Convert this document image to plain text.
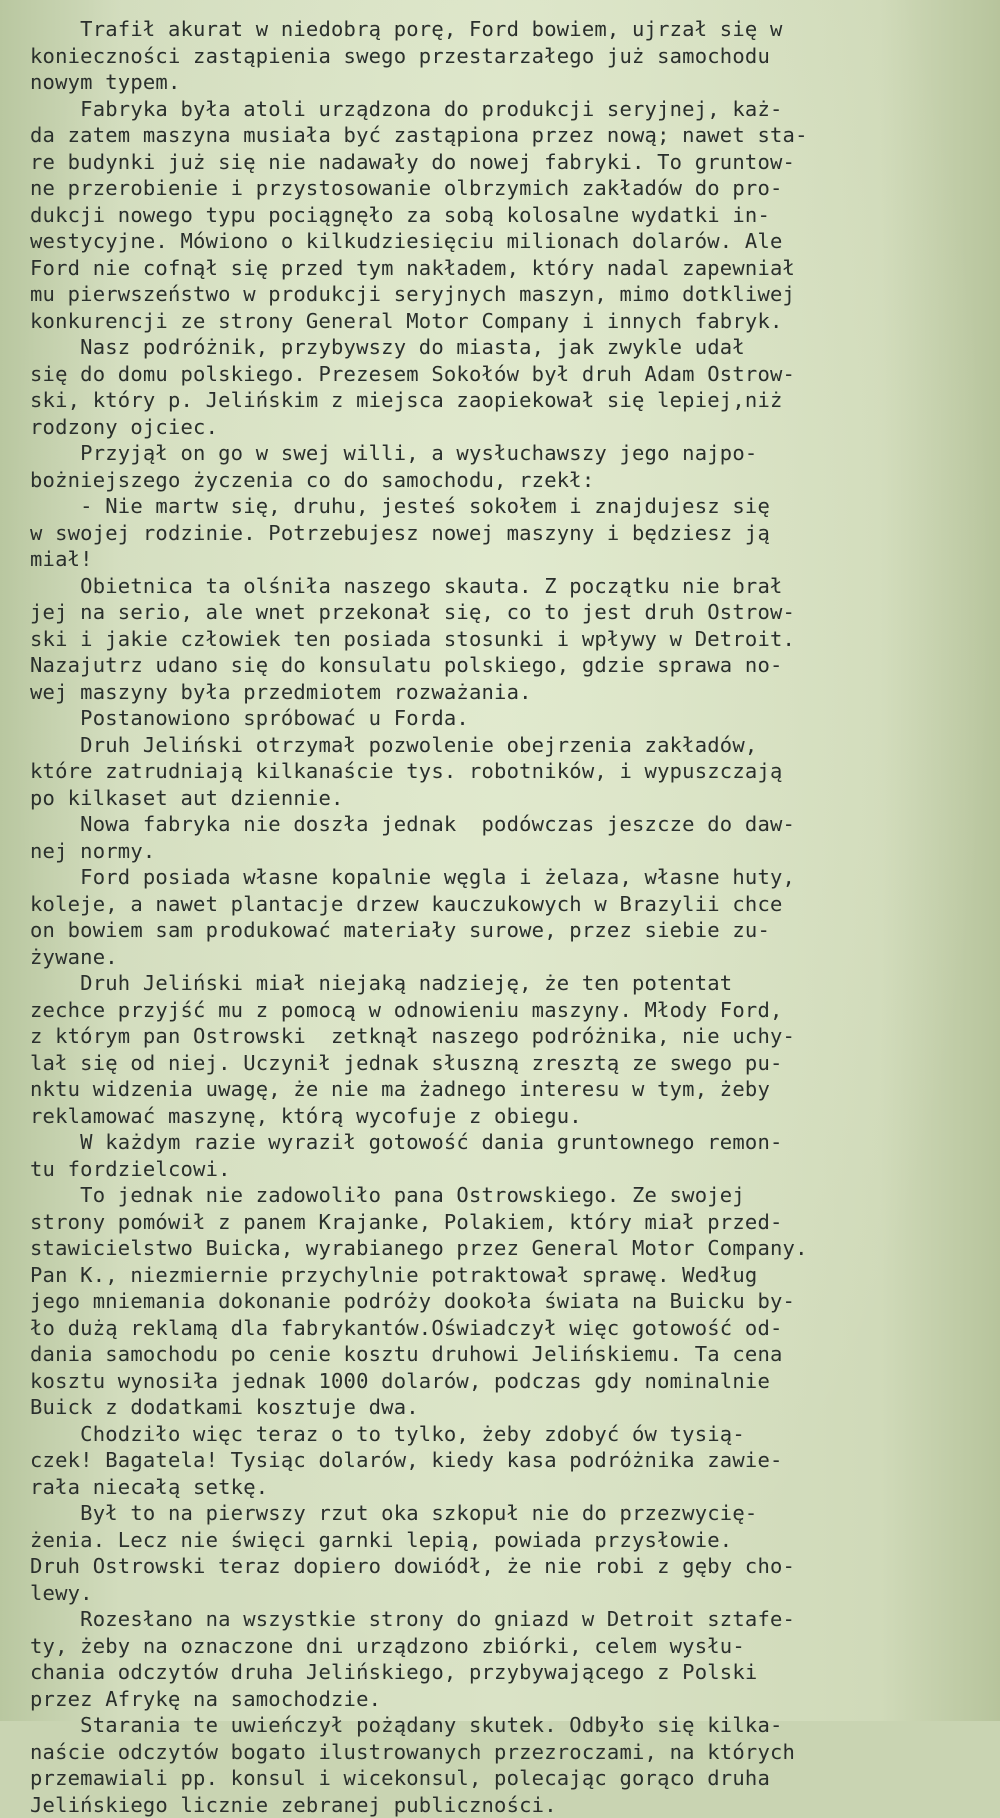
Trafił akurat w niedobrą porę, Ford bowiem, ujrzał się w
konieczności zastąpienia swego przestarzałego już samochodu
nowym typem.
Fabryka była atoli urządzona do produkcji seryjnej, każ-
da zatem maszyna musiała być zastąpiona przez nową; nawet sta-
re budynki już się nie nadawały do nowej fabryki. To gruntow-
ne przerobienie i przystosowanie olbrzymich zakładów do pro-
dukcji nowego typu pociągnęło za sobą kolosalne wydatki in-
westycyjne. Mówiono o kilkudziesięciu milionach dolarów. Ale
Ford nie cofnął się przed tym nakładem, który nadal zapewniał
mu pierwszeństwo w produkcji seryjnych maszyn, mimo dotkliwej
konkurencji ze strony General Motor Company i innych fabryk.
Nasz podróżnik, przybywszy do miasta, jak zwykle udał
się do domu polskiego. Prezesem Sokołów był druh Adam Ostrow-
ski, który p. Jelińskim z miejsca zaopiekował się lepiej,niż
rodzony ojciec.
Przyjął on go w swej willi, a wysłuchawszy jego najpo-
bożniejszego życzenia co do samochodu, rzekł:
- Nie martw się, druhu, jesteś sokołem i znajdujesz się
w swojej rodzinie. Potrzebujesz nowej maszyny i będziesz ją
miał!
Obietnica ta olśniła naszego skauta. Z początku nie brał
jej na serio, ale wnet przekonał się, co to jest druh Ostrow-
ski i jakie człowiek ten posiada stosunki i wpływy w Detroit.
Nazajutrz udano się do konsulatu polskiego, gdzie sprawa no-
wej maszyny była przedmiotem rozważania.
Postanowiono spróbować u Forda.
Druh Jeliński otrzymał pozwolenie obejrzenia zakładów,
które zatrudniają kilkanaście tys. robotników, i wypuszczają
po kilkaset aut dziennie.
Nowa fabryka nie doszła jednak  podówczas jeszcze do daw-
nej normy.
Ford posiada własne kopalnie węgla i żelaza, własne huty,
koleje, a nawet plantacje drzew kauczukowych w Brazylii chce
on bowiem sam produkować materiały surowe, przez siebie zu-
żywane.
Druh Jeliński miał niejaką nadzieję, że ten potentat
zechce przyjść mu z pomocą w odnowieniu maszyny. Młody Ford,
z którym pan Ostrowski  zetknął naszego podróżnika, nie uchy-
lał się od niej. Uczynił jednak słuszną zresztą ze swego pu-
nktu widzenia uwagę, że nie ma żadnego interesu w tym, żeby
reklamować maszynę, którą wycofuje z obiegu.
W każdym razie wyraził gotowość dania gruntownego remon-
tu fordzielcowi.
To jednak nie zadowoliło pana Ostrowskiego. Ze swojej
strony pomówił z panem Krajanke, Polakiem, który miał przed-
stawicielstwo Buicka, wyrabianego przez General Motor Company.
Pan K., niezmiernie przychylnie potraktował sprawę. Według
jego mniemania dokonanie podróży dookoła świata na Buicku by-
ło dużą reklamą dla fabrykantów.Oświadczył więc gotowość od-
dania samochodu po cenie kosztu druhowi Jelińskiemu. Ta cena
kosztu wynosiła jednak 1000 dolarów, podczas gdy nominalnie
Buick z dodatkami kosztuje dwa.
Chodziło więc teraz o to tylko, żeby zdobyć ów tysią-
czek! Bagatela! Tysiąc dolarów, kiedy kasa podróżnika zawie-
rała niecałą setkę.
Był to na pierwszy rzut oka szkopuł nie do przezwycię-
żenia. Lecz nie święci garnki lepią, powiada przysłowie.
Druh Ostrowski teraz dopiero dowiódł, że nie robi z gęby cho-
lewy.
Rozesłano na wszystkie strony do gniazd w Detroit sztafe-
ty, żeby na oznaczone dni urządzono zbiórki, celem wysłu-
chania odczytów druha Jelińskiego, przybywającego z Polski
przez Afrykę na samochodzie.
Starania te uwieńczył pożądany skutek. Odbyło się kilka-
naście odczytów bogato ilustrowanych przezroczami, na których
przemawiali pp. konsul i wicekonsul, polecając gorąco druha
Jelińskiego licznie zebranej publiczności.
